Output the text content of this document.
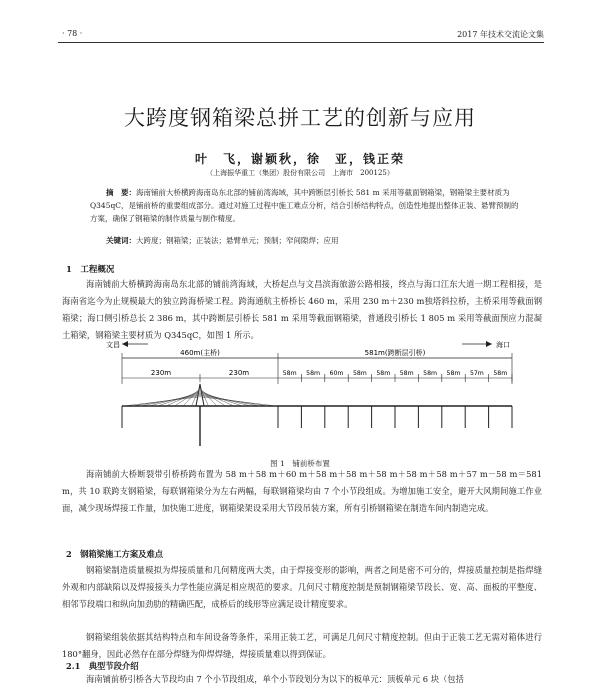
· 78 ·	2017 年技术交流论文集
大跨度钢箱梁总拼工艺的创新与应用
叶　飞，谢颖秋，徐　亚，钱正荣
（上海振华重工（集团）股份有限公司　上海市　200125）
摘　要：海南铺前大桥横跨海南岛东北部的铺前湾海域，其中跨断层引桥长 581 m 采用等截面钢箱梁，钢箱梁主要材质为 Q345qC，是铺前桥的重要组成部分。通过对施工过程中施工难点分析，结合引桥结构特点，创造性地提出整体正装、悬臂预制的方案，确保了钢箱梁的制作质量与制作精度。
关键词：大跨度；钢箱梁；正装法；悬臂单元；预制；窄间隙焊；应用
1　工程概况
海南铺前大桥横跨海南岛东北部的铺前湾海域，大桥起点与文昌滨海旅游公路相接，终点与海口江东大道一期工程相接，是海南省迄今为止规模最大的独立跨海桥梁工程。跨海通航主桥桥长 460 m，采用 230 m＋230 m独塔斜拉桥，主桥采用等截面钢箱梁；海口侧引桥总长 2 386 m，其中跨断层引桥长 581 m 采用等截面钢箱梁，普通段引桥长 1 805 m 采用等截面预应力混凝土箱梁，钢箱梁主要材质为 Q345qC，如图 1 所示。
文昌	海口
460m(主桥)	581m(跨断层引桥)
230m	230m	58m 58m 60m 58m 58m 58m 58m 58m 57m 58m
图 1　铺前桥布置
海南铺前大桥断裂带引桥桥跨布置为 58 m＋58 m＋60 m＋58 m＋58 m＋58 m＋58 m＋58 m＋57 m－58 m＝581 m，共 10 联跨支钢箱梁，每联钢箱梁分为左右两幅，每联钢箱梁均由 7 个小节段组成。为增加施工安全，避开大风期间施工作业面，减少现场焊接工作量，加快施工进度，钢箱梁架设采用大节段吊装方案，所有引桥钢箱梁在制造车间内制造完成。
2　钢箱梁施工方案及难点
钢箱梁制造质量模拟为焊接质量和几何精度两大类，由于焊接变形的影响，两者之间是密不可分的，焊接质量控制是指焊缝外观和内部缺陷以及焊接接头力学性能应满足相应规范的要求。几何尺寸精度控制是预制钢箱梁节段长、宽、高、面板的平整度、相邻节段端口和纵向加劲肋的精确匹配，成桥后的线形等应满足设计精度要求。
钢箱梁组装依据其结构特点和车间设备等条件，采用正装工艺，可满足几何尺寸精度控制。但由于正装工艺无需对箱体进行 180°翻身，因此必然存在部分焊缝为仰焊焊缝，焊接质量难以得到保证。
2.1　典型节段介绍
海南铺前桥引桥各大节段均由 7 个小节段组成，单个小节段划分为以下的板单元：顶板单元 6 块（包括
